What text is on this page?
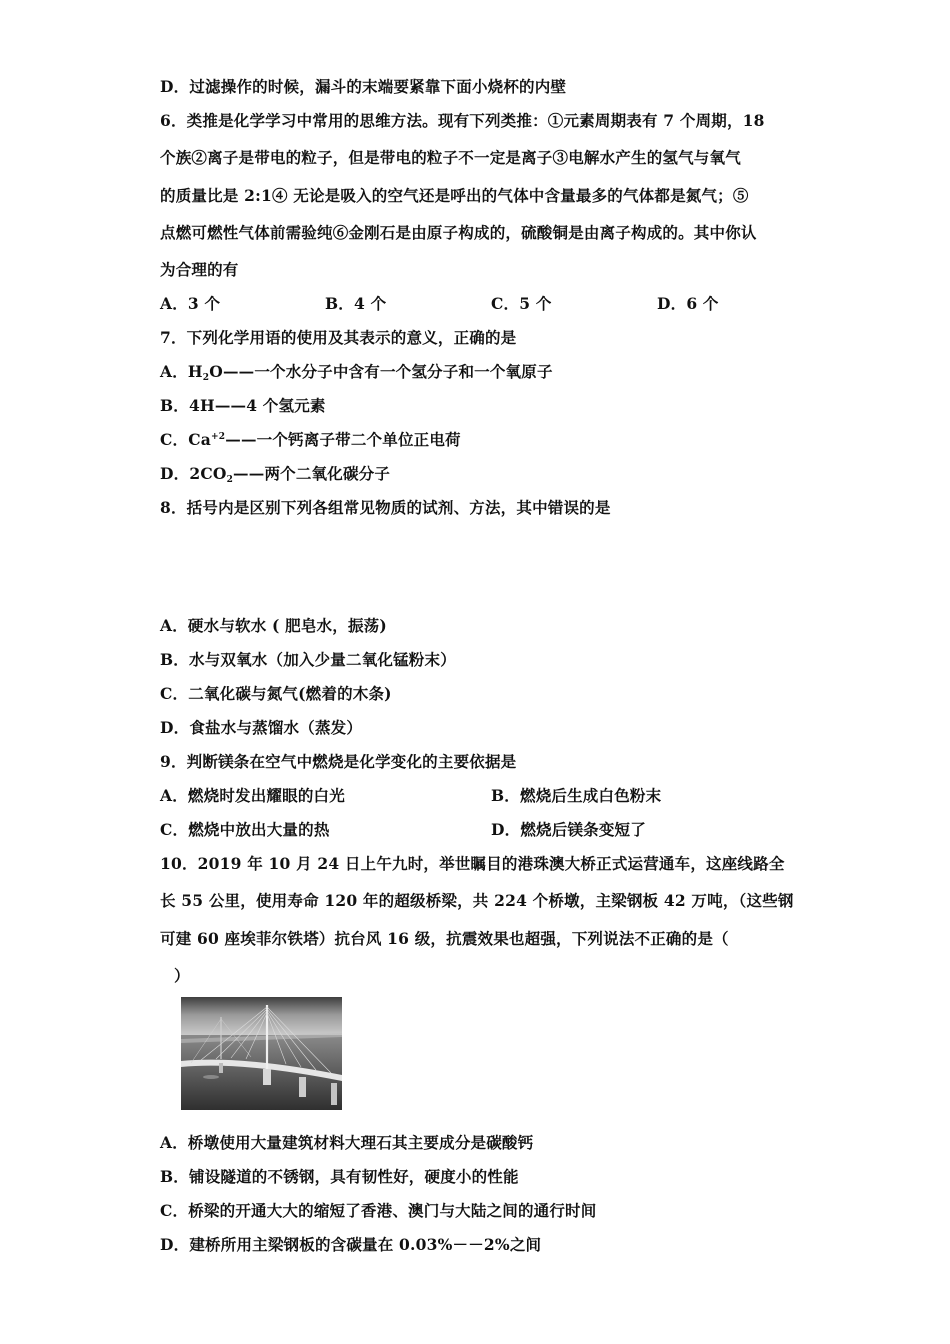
D．过滤操作的时候，漏斗的末端要紧靠下面小烧杯的内壁
6．类推是化学学习中常用的思维方法。现有下列类推：①元素周期表有 7 个周期，18
个族②离子是带电的粒子，但是带电的粒子不一定是离子③电解水产生的氢气与氧气
的质量比是 2:1④ 无论是吸入的空气还是呼出的气体中含量最多的气体都是氮气；⑤
点燃可燃性气体前需验纯⑥金刚石是由原子构成的，硫酸铜是由离子构成的。其中你认
为合理的有
A．3 个	B．4 个	C．5 个	D．6 个
7．下列化学用语的使用及其表示的意义，正确的是
A．$H_2O——$一个水分子中含有一个氢分子和一个氧原子
B．4H——4 个氢元素
C．$Ca^{+2}——$一个钙离子带二个单位正电荷
D．$2CO_2——$两个二氧化碳分子
8．括号内是区别下列各组常见物质的试剂、方法，其中错误的是
A．硬水与软水 ( 肥皂水，振荡)
B．水与双氧水（加入少量二氧化锰粉末）
C．二氧化碳与氮气(燃着的木条)
D．食盐水与蒸馏水（蒸发）
9．判断镁条在空气中燃烧是化学变化的主要依据是
A．燃烧时发出耀眼的白光	B．燃烧后生成白色粉末
C．燃烧中放出大量的热	D．燃烧后镁条变短了
10．2019 年 10 月 24 日上午九时，举世瞩目的港珠澳大桥正式运营通车，这座线路全
长 55 公里，使用寿命 120 年的超级桥梁，共 224 个桥墩，主梁钢板 42 万吨，（这些钢
可建 60 座埃菲尔铁塔）抗台风 16 级，抗震效果也超强，下列说法不正确的是（
）
A．桥墩使用大量建筑材料大理石其主要成分是碳酸钙
B．铺设隧道的不锈钢，具有韧性好，硬度小的性能
C．桥梁的开通大大的缩短了香港、澳门与大陆之间的通行时间
D．建桥所用主梁钢板的含碳量在 0.03%－－2%之间
